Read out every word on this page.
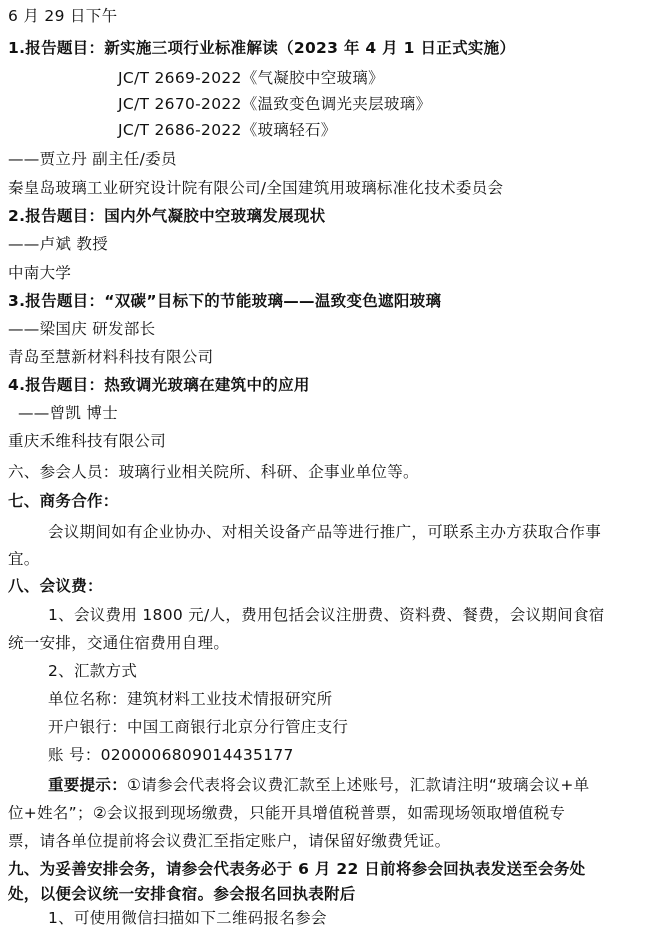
6 月 29 日下午
1.报告题目：新实施三项行业标准解读（2023 年 4 月 1 日正式实施）
JC/T 2669-2022《气凝胶中空玻璃》
JC/T 2670-2022《温致变色调光夹层玻璃》
JC/T 2686-2022《玻璃轻石》
——贾立丹 副主任/委员
秦皇岛玻璃工业研究设计院有限公司/全国建筑用玻璃标准化技术委员会
2.报告题目：国内外气凝胶中空玻璃发展现状
——卢斌 教授
中南大学
3.报告题目：“双碳”目标下的节能玻璃——温致变色遮阳玻璃
——梁国庆 研发部长
青岛至慧新材料科技有限公司
4.报告题目：热致调光玻璃在建筑中的应用
——曾凯 博士
重庆禾维科技有限公司
六、参会人员：玻璃行业相关院所、科研、企事业单位等。
七、商务合作：
会议期间如有企业协办、对相关设备产品等进行推广，可联系主办方获取合作事
宜。
八、会议费：
1、会议费用 1800 元/人，费用包括会议注册费、资料费、餐费，会议期间食宿
统一安排，交通住宿费用自理。
2、汇款方式
单位名称：建筑材料工业技术情报研究所
开户银行：中国工商银行北京分行管庄支行
账 号：0200006809014435177
重要提示：①请参会代表将会议费汇款至上述账号，汇款请注明“玻璃会议+单
位+姓名”；②会议报到现场缴费，只能开具增值税普票，如需现场领取增值税专
票，请各单位提前将会议费汇至指定账户，请保留好缴费凭证。
九、为妥善安排会务，请参会代表务必于 6 月 22 日前将参会回执表发送至会务处
处，以便会议统一安排食宿。参会报名回执表附后
1、可使用微信扫描如下二维码报名参会
